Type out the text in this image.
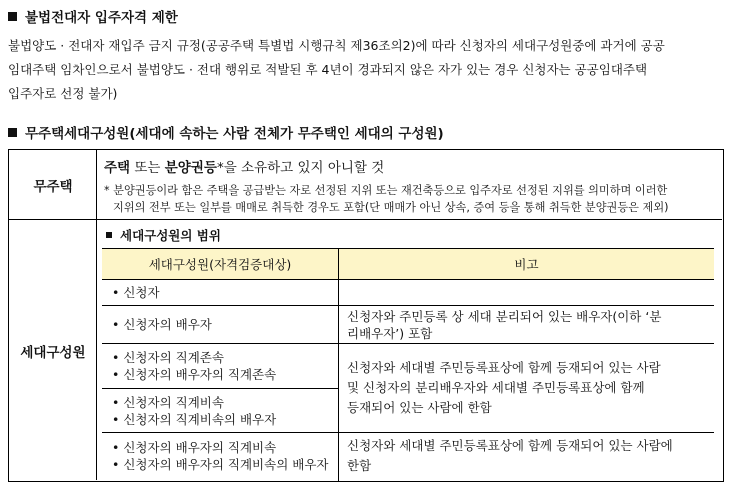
불법전대자 입주자격 제한
불법양도 · 전대자 재입주 금지 규정(공공주택 특별법 시행규칙 제36조의2)에 따라 신청자의 세대구성원중에 과거에 공공
임대주택 임차인으로서 불법양도 · 전대 행위로 적발된 후 4년이 경과되지 않은 자가 있는 경우 신청자는 공공임대주택
입주자로 선정 불가)
무주택세대구성원(세대에 속하는 사람 전체가 무주택인 세대의 구성원)
무주택
주택 또는 분양권등*을 소유하고 있지 아니할 것
* 분양권등이라 함은 주택을 공급받는 자로 선정된 지위 또는 재건축등으로 입주자로 선정된 지위를 의미하며 이러한
지위의 전부 또는 일부를 매매로 취득한 경우도 포함(단 매매가 아닌 상속, 증여 등을 통해 취득한 분양권등은 제외)
세대구성원
세대구성원의 범위
세대구성원(자격검증대상)	비고
• 신청자
• 신청자의 배우자
• 신청자의 직계존속
• 신청자의 배우자의 직계존속
• 신청자의 직계비속
• 신청자의 직계비속의 배우자
• 신청자의 배우자의 직계비속
• 신청자의 배우자의 직계비속의 배우자
신청자와 주민등록 상 세대 분리되어 있는 배우자(이하 ‘분
리배우자’) 포함
신청자와 세대별 주민등록표상에 함께 등재되어 있는 사람
및 신청자의 분리배우자와 세대별 주민등록표상에 함께
등재되어 있는 사람에 한함
신청자와 세대별 주민등록표상에 함께 등재되어 있는 사람에
한함
